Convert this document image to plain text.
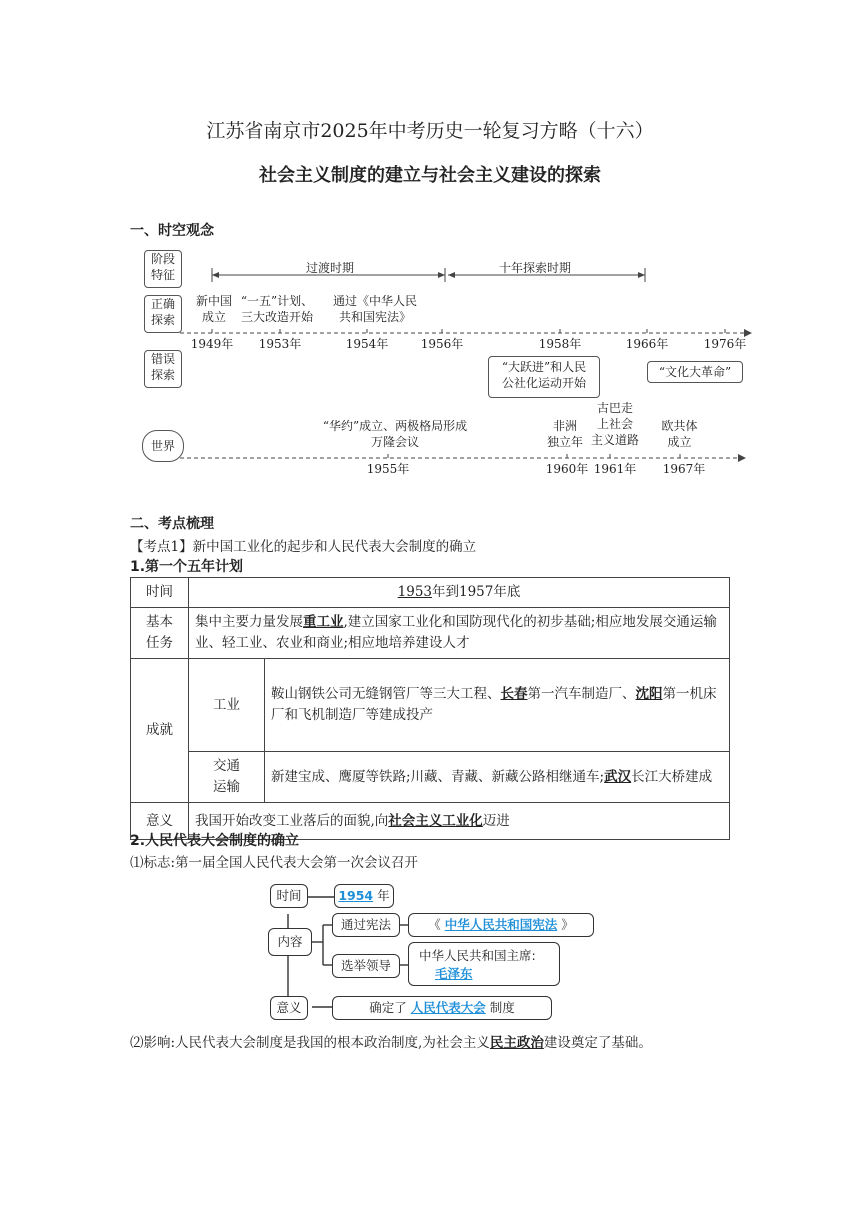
江苏省南京市2025年中考历史一轮复习方略（十六）
社会主义制度的建立与社会主义建设的探索
一、时空观念
阶段
特征
正确
探索
错误
探索
世界
过渡时期	十年探索时期
新中国
成立
“一五”计划、
三大改造开始
通过《中华人民
共和国宪法》
1949年	1953年	1954年	1956年	1958年	1966年	1976年
“大跃进”和人民
公社化运动开始
“文化大革命”
“华约”成立、两极格局形成
万隆会议
非洲
独立年
古巴走
上社会
主义道路
欧共体
成立
1955年	1960年 1961年	1967年
二、考点梳理
【考点1】新中国工业化的起步和人民代表大会制度的确立
1.第一个五年计划
时间	1953年到1957年底	
基本
任务	集中主要力量发展重工业,建立国家工业化和国防现代化的初步基础;相应地发展交通运输业、轻工业、农业和商业;相应地培养建设人才	
成就	工业	鞍山钢铁公司无缝钢管厂等三大工程、长春第一汽车制造厂、沈阳第一机床厂和飞机制造厂等建成投产
	交通
运输	新建宝成、鹰厦等铁路;川藏、青藏、新藏公路相继通车;武汉长江大桥建成
意义	我国开始改变工业落后的面貌,向社会主义工业化迈进	
2.人民代表大会制度的确立
⑴标志:第一届全国人民代表大会第一次会议召开
时间	1954 年
内容
通过宪法	《 中华人民共和国宪法 》
选举领导
中华人民共和国主席:
毛泽东
意义	确定了 人民代表大会 制度
⑵影响:人民代表大会制度是我国的根本政治制度,为社会主义民主政治建设奠定了基础。
